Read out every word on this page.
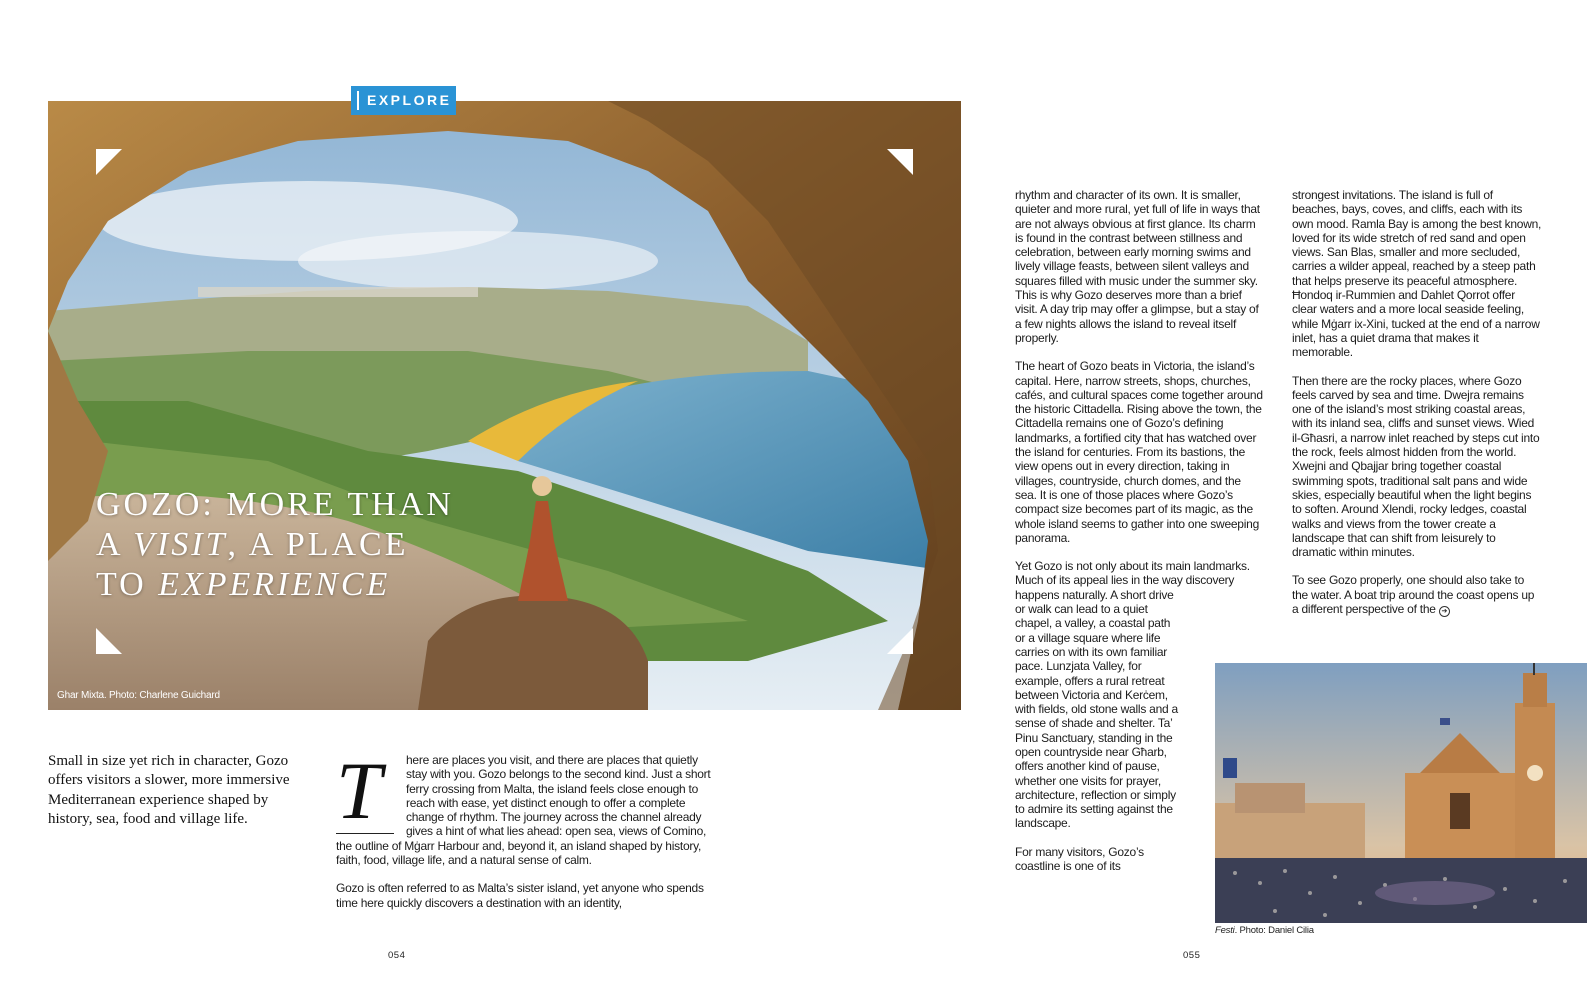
GOZO: MORE THAN A VISIT, A PLACE TO EXPERIENCE
Ghar Mixta. Photo: Charlene Guichard
EXPLORE
Small in size yet rich in character, Gozo offers visitors a slower, more immersive Mediterranean experience shaped by history, sea, food and village life.	T	here are places you visit, and there are places that quietly stay with you. Gozo belongs to the second kind. Just a short ferry crossing from Malta, the island feels close enough to reach with ease, yet distinct enough to offer a complete change of rhythm. The journey across the channel already gives a hint of what lies ahead: open sea, views of Comino, the outline of Mġarr Harbour and, beyond it, an island shaped by history, faith, food, village life, and a natural sense of calm.

Gozo is often referred to as Malta’s sister island, yet anyone who spends time here quickly discovers a destination with an identity,

rhythm and character of its own. It is smaller, quieter and more rural, yet full of life in ways that are not always obvious at first glance. Its charm is found in the contrast between stillness and celebration, between early morning swims and lively village feasts, between silent valleys and squares filled with music under the summer sky. This is why Gozo deserves more than a brief visit. A day trip may offer a glimpse, but a stay of a few nights allows the island to reveal itself properly.

The heart of Gozo beats in Victoria, the island’s capital. Here, narrow streets, shops, churches, cafés, and cultural spaces come together around the historic Cittadella. Rising above the town, the Cittadella remains one of Gozo’s defining landmarks, a fortified city that has watched over the island for centuries. From its bastions, the view opens out in every direction, taking in villages, countryside, church domes, and the sea. It is one of those places where Gozo’s compact size becomes part of its magic, as the whole island seems to gather into one sweeping panorama.

Yet Gozo is not only about its main landmarks. Much of its appeal lies in the way discovery happens naturally. A short drive
or walk can lead to a quiet chapel, a valley, a coastal path or a village square where life carries on with its own familiar pace. Lunzjata Valley, for example, offers a rural retreat between Victoria and Kerċem, with fields, old stone walls and a sense of shade and shelter. Ta’ Pinu Sanctuary, standing in the open countryside near Għarb, offers another kind of pause, whether one visits for prayer, architecture, reflection or simply to admire its setting against the landscape.

For many visitors, Gozo’s coastline is one of its

strongest invitations. The island is full of beaches, bays, coves, and cliffs, each with its own mood. Ramla Bay is among the best known, loved for its wide stretch of red sand and open views. San Blas, smaller and more secluded, carries a wilder appeal, reached by a steep path that helps preserve its peaceful atmosphere. Ħondoq ir-Rummien and Dahlet Qorrot offer clear waters and a more local seaside feeling, while Mġarr ix-Xini, tucked at the end of a narrow inlet, has a quiet drama that makes it memorable.

Then there are the rocky places, where Gozo feels carved by sea and time. Dwejra remains one of the island’s most striking coastal areas, with its inland sea, cliffs and sunset views. Wied il-Għasri, a narrow inlet reached by steps cut into the rock, feels almost hidden from the world. Xwejni and Qbajjar bring together coastal swimming spots, traditional salt pans and wide skies, especially beautiful when the light begins to soften. Around Xlendi, rocky ledges, coastal walks and views from the tower create a landscape that can shift from leisurely to dramatic within minutes.

To see Gozo properly, one should also take to the water. A boat trip around the coast opens up a different perspective of the ➔

Festi. Photo: Daniel Cilia
054	055
